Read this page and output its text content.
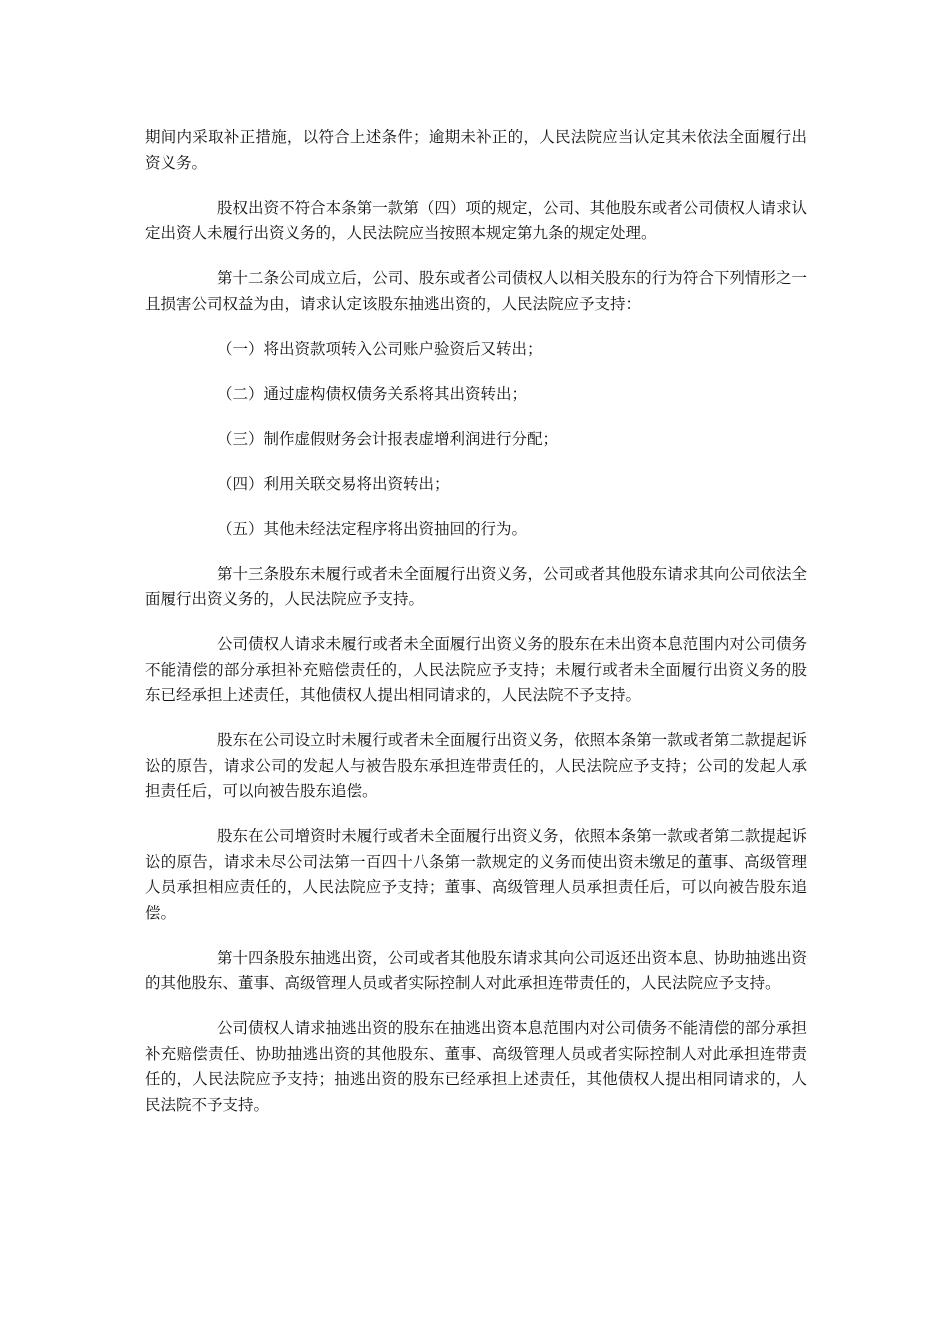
期间内采取补正措施，以符合上述条件；逾期未补正的，人民法院应当认定其未依法全面履行出资义务。

股权出资不符合本条第一款第（四）项的规定，公司、其他股东或者公司债权人请求认定出资人未履行出资义务的，人民法院应当按照本规定第九条的规定处理。

第十二条公司成立后，公司、股东或者公司债权人以相关股东的行为符合下列情形之一且损害公司权益为由，请求认定该股东抽逃出资的，人民法院应予支持：

（一）将出资款项转入公司账户验资后又转出；

（二）通过虚构债权债务关系将其出资转出；

（三）制作虚假财务会计报表虚增利润进行分配；

（四）利用关联交易将出资转出；

（五）其他未经法定程序将出资抽回的行为。

第十三条股东未履行或者未全面履行出资义务，公司或者其他股东请求其向公司依法全面履行出资义务的，人民法院应予支持。

公司债权人请求未履行或者未全面履行出资义务的股东在未出资本息范围内对公司债务不能清偿的部分承担补充赔偿责任的，人民法院应予支持；未履行或者未全面履行出资义务的股东已经承担上述责任，其他债权人提出相同请求的，人民法院不予支持。

股东在公司设立时未履行或者未全面履行出资义务，依照本条第一款或者第二款提起诉讼的原告，请求公司的发起人与被告股东承担连带责任的，人民法院应予支持；公司的发起人承担责任后，可以向被告股东追偿。

股东在公司增资时未履行或者未全面履行出资义务，依照本条第一款或者第二款提起诉讼的原告，请求未尽公司法第一百四十八条第一款规定的义务而使出资未缴足的董事、高级管理人员承担相应责任的，人民法院应予支持；董事、高级管理人员承担责任后，可以向被告股东追偿。

第十四条股东抽逃出资，公司或者其他股东请求其向公司返还出资本息、协助抽逃出资的其他股东、董事、高级管理人员或者实际控制人对此承担连带责任的，人民法院应予支持。

公司债权人请求抽逃出资的股东在抽逃出资本息范围内对公司债务不能清偿的部分承担补充赔偿责任、协助抽逃出资的其他股东、董事、高级管理人员或者实际控制人对此承担连带责任的，人民法院应予支持；抽逃出资的股东已经承担上述责任，其他债权人提出相同请求的，人民法院不予支持。
